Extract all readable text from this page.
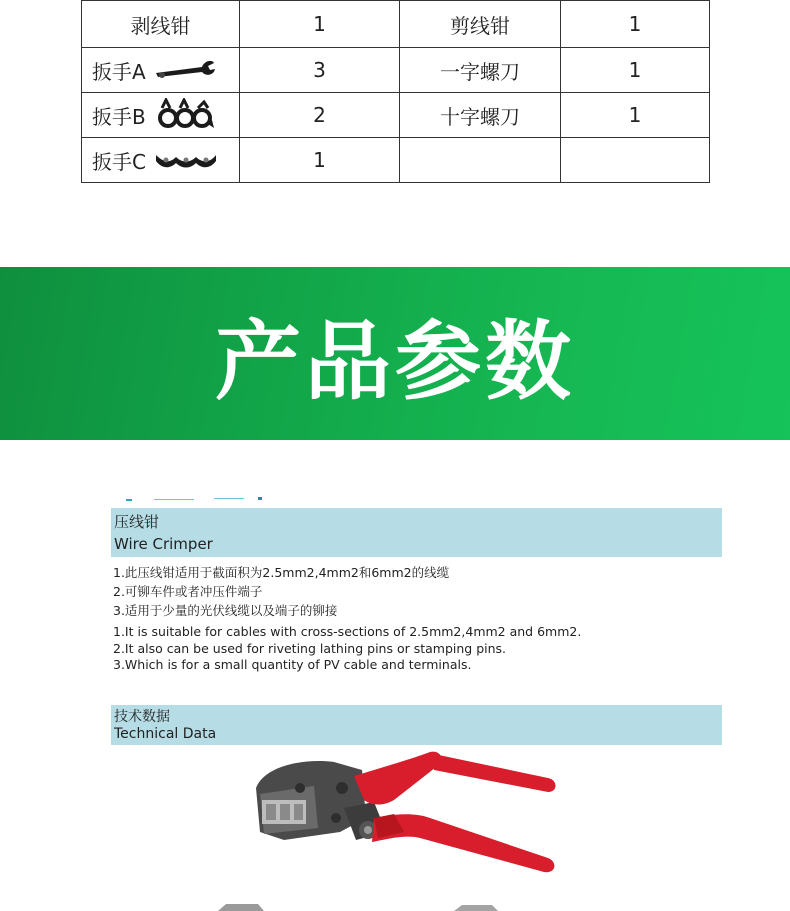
剥线钳	1	剪线钳	1

扳手A	3	一字螺刀	1

扳手B	2	十字螺刀	1

扳手C	1		
产品参数
压线钳
Wire Crimper
1.此压线钳适用于截面积为2.5mm2,4mm2和6mm2的线缆
2.可铆车件或者冲压件端子
3.适用于少量的光伏线缆以及端子的铆接
1.It is suitable for cables with cross-sections of 2.5mm2,4mm2 and 6mm2.
2.It also can be used for riveting lathing pins or stamping pins.
3.Which is for a small quantity of PV cable and terminals.
技术数据
Technical Data
